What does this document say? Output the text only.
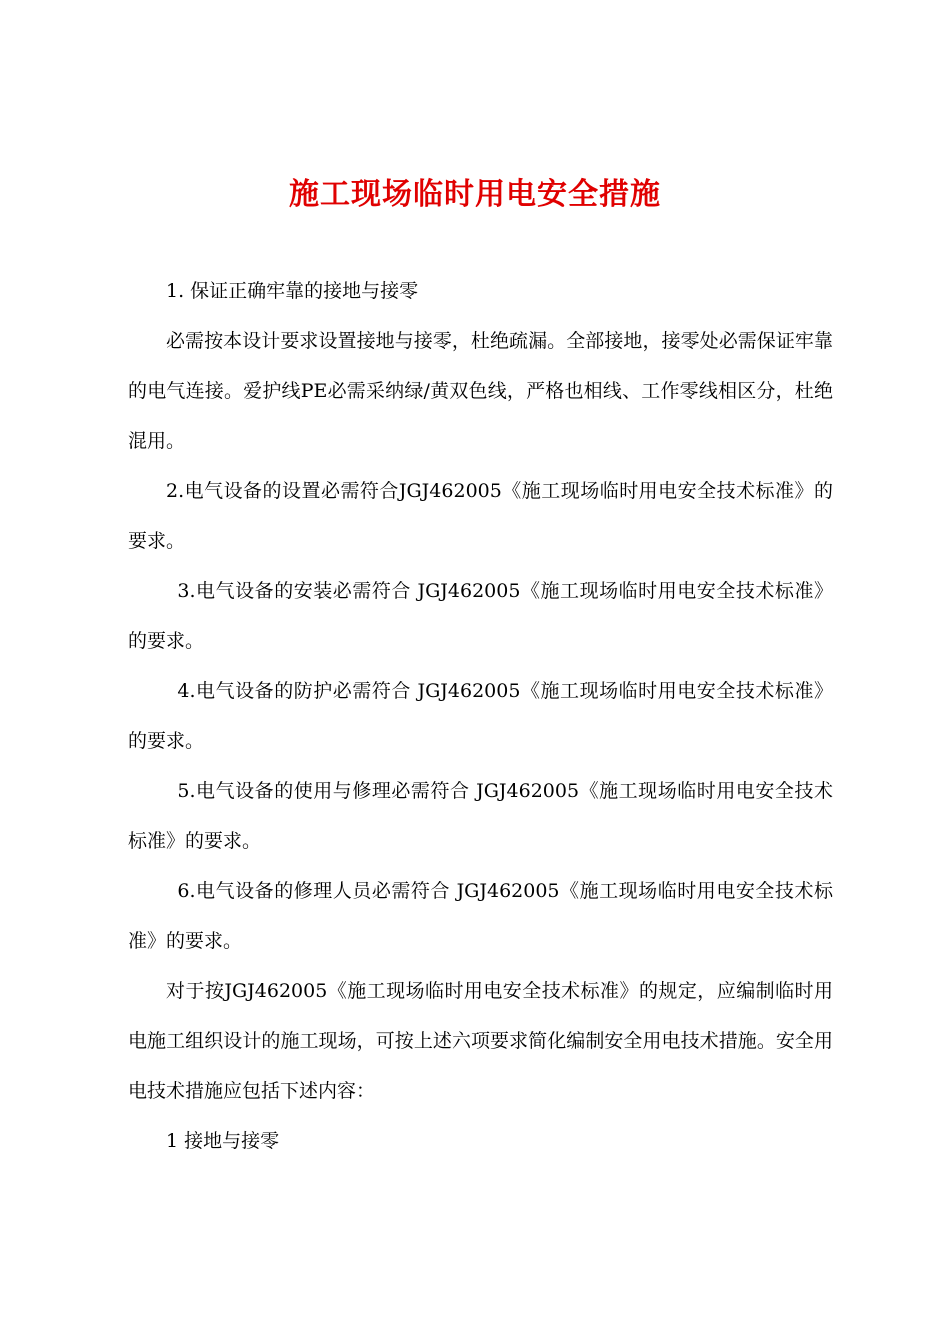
施工现场临时用电安全措施

1. 保证正确牢靠的接地与接零

必需按本设计要求设置接地与接零，杜绝疏漏。全部接地，接零处必需保证牢靠的电气连接。爱护线PE必需采纳绿/黄双色线，严格也相线、工作零线相区分，杜绝混用。

2.电气设备的设置必需符合JGJ462005《施工现场临时用电安全技术标准》的要求。

3.电气设备的安装必需符合 JGJ462005《施工现场临时用电安全技术标准》的要求。

4.电气设备的防护必需符合 JGJ462005《施工现场临时用电安全技术标准》的要求。

5.电气设备的使用与修理必需符合 JGJ462005《施工现场临时用电安全技术标准》的要求。

6.电气设备的修理人员必需符合 JGJ462005《施工现场临时用电安全技术标准》的要求。

对于按JGJ462005《施工现场临时用电安全技术标准》的规定，应编制临时用电施工组织设计的施工现场，可按上述六项要求简化编制安全用电技术措施。安全用电技术措施应包括下述内容：

1 接地与接零
